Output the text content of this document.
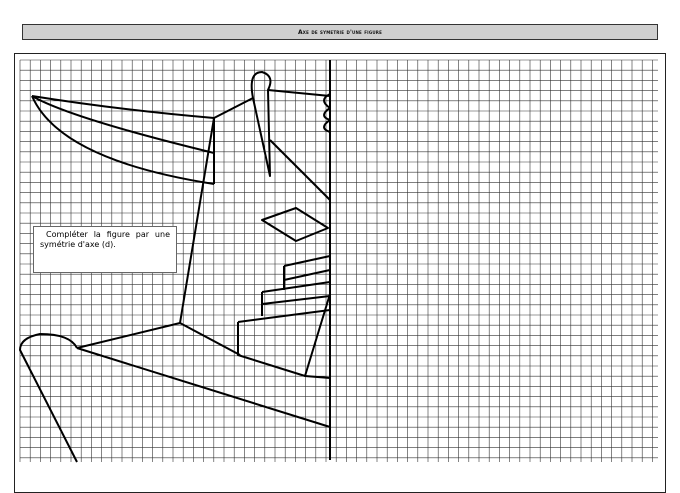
Axe de symetrie d'une figure

Compléter la figure par une symétrie d'axe (d).
